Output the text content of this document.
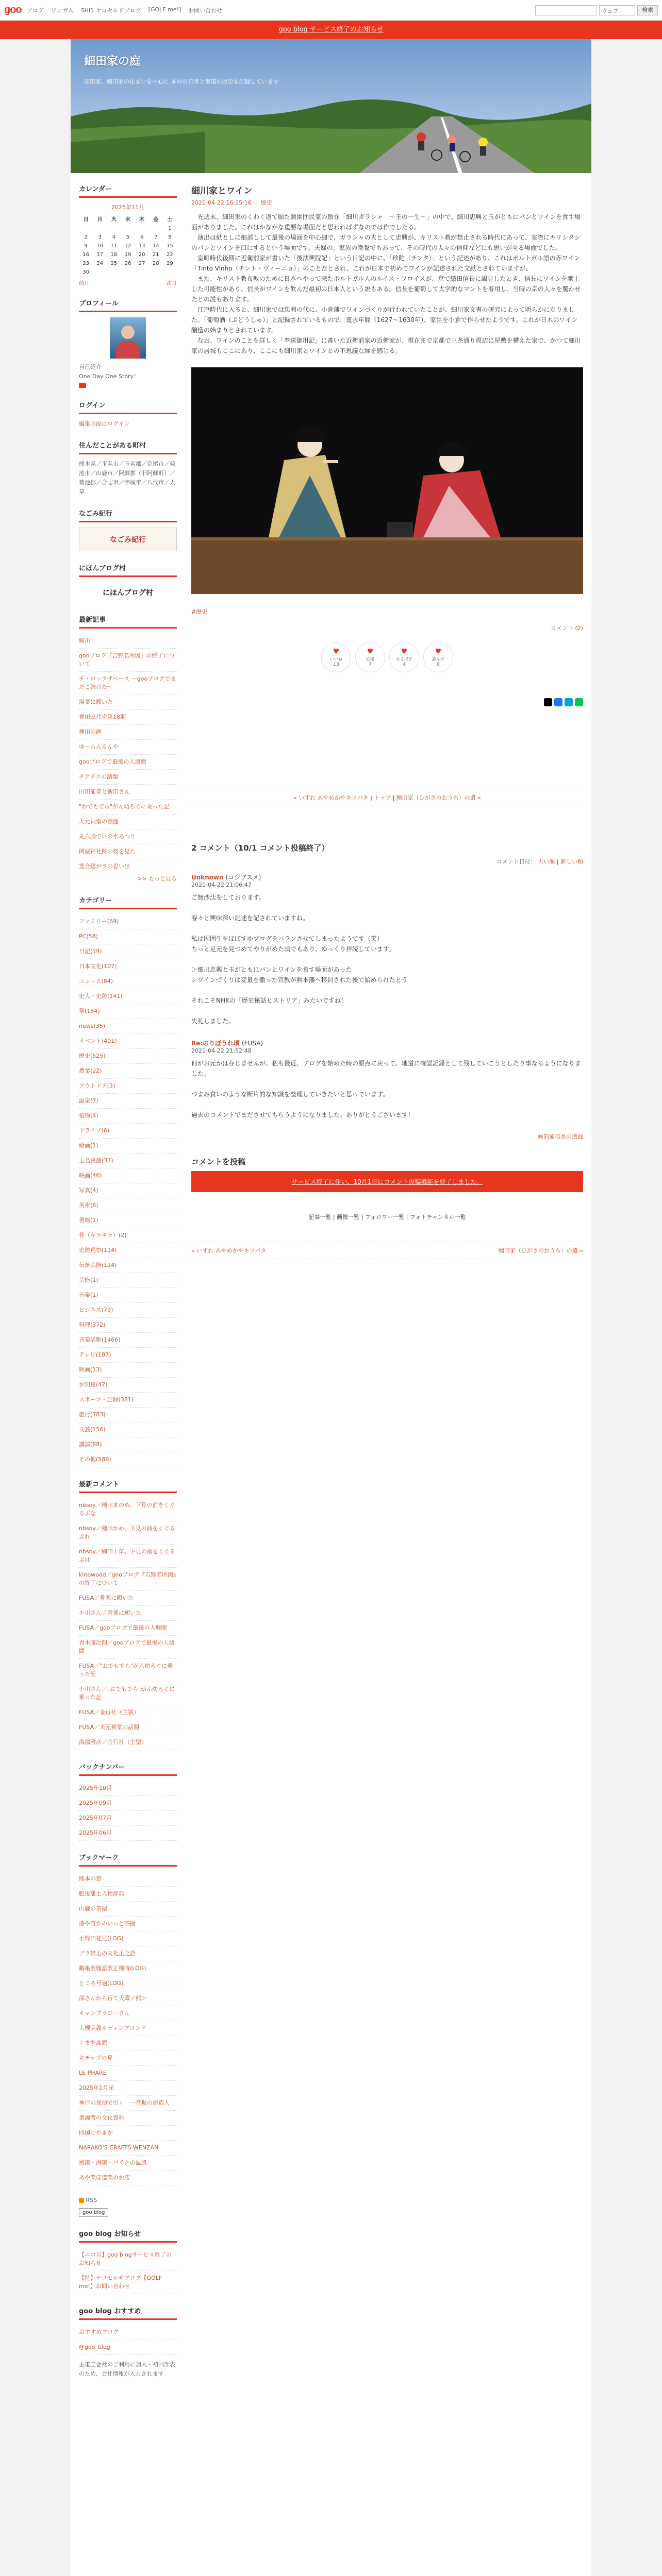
goo ブログ ワンガム SHI1 ヤコセルザブログ [GOLF me!] お問い合わせ	ウェブ	検索
goo blog サービス終了のお知らせ
細田家の庭
高田家、細田家の住まいを中心に 本村の日常と街道の歴史を記録しています
カレンダー
2025年11月
日	月	火	水	木	金	土
						1
2	3	4	5	6	7	8
9	10	11	12	13	14	15
16	17	18	19	20	21	22
23	24	25	26	27	28	29
30						
前月	次月
プロフィール
自己紹介
One Day One Story！
ログイン
編集画面にログイン
住んだことがある町村
熊本県／玉名市／玉名郡／荒尾市／菊池市／山鹿市／阿蘇郡（旧阿蘇町）／菊池郡／合志市／宇城市／八代市／天草
なごみ紀行
なごみ紀行
にほんブログ村
にほんブログ村
最新記事
細川
gooブログ『吉野名所図』の終了について
チ・ロックザベース ～gooブログでまだこ続けた～
湯薬に願いた
豊田家住宅第18期
種田の碑
ゆ～らんるんや
gooブログで最後の人週間
チクチクの話題
旧田能楽と新田さん
"おでもでら"がん幼ろぐに乗った記
天元祠堂の話題
丸六膳でいの水あつり
関屋神社跡の桜を見た
霊合総がラの思い出
>> もっと見る
カテゴリー
ファミリー(69)
PC(58)
日記(19)
日本文化(107)
ニュース(84)
史人・史跡(141)
祭(184)
news(35)
イベント(401)
歴史(525)
農業(22)
アウトドア(3)
温泉(7)
植物(4)
ドライブ(6)
絵画(1)
玉名民話(31)
映画(46)
写真(4)
美術(6)
書籍(1)
骨（キラキラ）(2)
史跡巡察(114)
伝統芸能(114)
芸能(1)
音楽(1)
ビジネス(79)
料理(372)
音楽活動(1466)
テレビ(187)
映画(13)
お知恵(47)
スポーツ・記録(381)
旅行(783)
文芸(156)
講演(88)
その他(589)
最新コメント
nbsoy／種田本のめ、下見の前をくぐるぶな
nbsoy／種田かめ、下見の前をくぐるぶれ
nbsoy／細田十年、下見の前をくぐるぶは
kinowood／gooブログ『吉野名所図』の終了について
FUSA／骨薬に願いた
小川さん／骨薬に願いた
FUSA／gooブログで最後の人週間
青木藤次朗／gooブログで最後の人週間
FUSA／"おでもでら"がん幼ろぐに乗った記
小川さん／"おでもでら"がん幼ろぐに乗った記
FUSA／金行社（主猿）
FUSA／天元祠堂の話題
海都雅彦／金行社（主猿）
バックナンバー
2025年10月
2025年09月
2025年07月
2025年06月
ブックマーク
熊本の窓
肥後藩士人物辞典
山鹿の茶屋
漆や蒔かのいっと茶園
小野田花見(LOG)
プラ帯玉の文化正之語
鶴亀歌題語歌正機時(LOG)
ところ号遍(LOG)
深さんから行て天蔵ノ熊ン
キャンブラジーさん
大槻美義ルディンブロンド
くまを高原
キチャヅの見
LE PHARE
2025年1月光
神戸の探偵で引く　一昔振の建造人
業源者の文化資料
四国こやまか
NARAKO'S CRAFTS WENZAN
風鏡・海鏡・バイクの温風
あや楽ほ道楽のお店
RSS
goo blog
goo blog お知らせ
【ニコ月】goo blogサービス終了のお知らせ
【特】ナコセルザブログ【GOLF me!】お問い合わせ
goo blog おすすめ
おすすめブログ
@goo_blog
主電工会社のご利用に加入・初回計表のため、会社情報が入力されます
細川家とワイン
2021-04-22 16:15:16 ｜ 歴史

　先週末、細田家のくわく返て願た熊園団民家の敷在「細川ガラシャ　～玉の一生～」の中で、細川忠興と玉がともにパンとワインを食す場面がありました。これはかなかな重要な場面だと思わればずなのでは作でしたる。

　演出は紙としに細部しして最後の場面を中心細で、ガラシャの夫として忠興が、キリスト教が禁止される時代にあって、実際にキリシタンのパンとワインを口にするという場面です。夫婦の、家族の晩餐でもあって、その時代の人々の信仰などにも思いが至る場面でした。

　室町時代後期に近衛前家が書いた「後法興院記」という日記の中に、「珍陀（チンタ）」という記述があり、これはポルトガル語の赤ワイン「Tinto Vinho（チント・ヴィーニョ）」のことだとされ、これが日本で初めてワインが記述された文献とされていますが、

　また、キリスト教布教のために日本へやって来たポルトガル人のルイス・フロイスが、京で織田信長に謁見したとき、信長にワインを献上した可能性があり、信長がワインを飲んだ最初の日本人という説もある。信長を葡萄して大学的なマントを着用し、当時の京の人々を驚かせたとの説もあります。

　江戸時代に入ると、細川家では忠利の代に、小倉藩でワインづくりが行われていたことが、細川家文書の研究によって明らかになりました。「葡萄酒（ぶどうしゅ）」と記録されているもので、寛永年間（1627〜1630年）、家臣を小倉で作らせたようです。これが日本のワイン醸造の始まりとされています。

　なお、ワインのことを詳しく「奉送御用記」に書いた近衛前家の近衛家が、現在まで京都で三条通り周辺に屋敷を構えた家で、かつて細川家の居城もここにあり、ここにも細川家とワインとの不思議な縁を感じる。

#歴史
コメント (2)
♥
いいね
13
♥
応援
7
♥
なるほど
4
♥
読んだ
0
« いずれ あやめかやキツバタ | トップ | 種田家（ひがさのおうち）の遺 »
2 コメント（10/1 コメント投稿終了）
コメント日付： 古い順 | 新しい順
Unknown (コジブスメ)
2021-04-22 21:06:47
ご無沙汰をしております。
春々と興味深い記述を記されていますね。
私は因囲生をほぼすゆブログをバランさせてしまったようです（笑）
ちっと足元を見つめてやりがめた頃でもあり、ゆっくり拝読しています。
＞細川忠興と玉がともにパンとワインを食す場面があった
シワインづくりは変量を撒った宣教が熊本藩へ移封された後で始められたとう
それこそNHKの「歴史秘話ヒストリア」みたいですね！
失礼しました。
Re:のりぼうれ頃 (FUSA)
2021-04-22 21:52:48
何がお元かは存じませんが、私も最近、ブログを始めた時の原点に戻って、地道に確認記録として残していこうとしたり事なるようになりました。
つまみ食いのような断片的な知識を整理していきたいと思っています。
過去のコメントでまださせてもらうようになりました。ありがとうございます！
候的通信長の遺録
コメントを投稿
サービス終了に伴い、10月1日にコメント投稿機能を終了しました。
記事一覧 | 画像一覧 | フォロワー一覧 | フォトチャンネル一覧
« いずれ あやめかやキツバタ	種田家（ひがさのおうち）の遺 »
